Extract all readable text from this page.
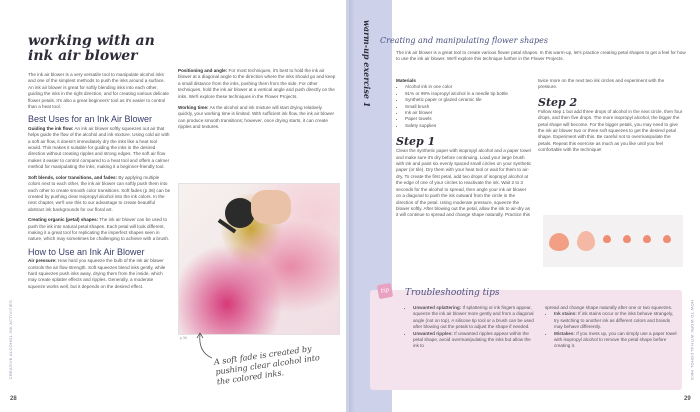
CREATIVE ALCOHOL INK ACTIVITIES
working with an ink air blower
The ink air blower is a very versatile tool to manipulate alcohol inks and one of the simplest methods to push the inks around a surface. An ink air blower is great for softly blending inks into each other, guiding the inks in the right direction, and for creating various delicate flower petals. It's also a great beginners' tool as it's easier to control than a heat tool.
Best Uses for an Ink Air Blower
Guiding the ink flow: An ink air blower softly squeezes out air that helps guide the flow of the alcohol and ink mixture. Using cold air with a soft air flow, it doesn't immediately dry the inks like a heat tool would. This makes it suitable for guiding the inks in the desired direction without creating ripples and strong edges. The soft air flow makes it easier to control compared to a heat tool and offers a calmer method for manipulating the inks, making it a beginner-friendly tool.
Soft blends, color transitions, and fades: By applying multiple colors next to each other, the ink air blower can softly push them into each other to create smooth color transitions. Soft fades (p 36) can be created by pushing clear isopropyl alcohol into the ink colors. In the next chapter, we'll use this to our advantage to create beautiful abstract ink backgrounds for our floral art.
Creating organic (petal) shapes: The ink air blower can be used to push the ink into natural petal shapes. Each petal will look different, making it a great tool for replicating the imperfect shapes seen in nature, which may sometimes be challenging to achieve with a brush.
How to Use an Ink Air Blower
Air pressure: How hard you squeeze the bulb of the ink air blower controls the air flow strength. Soft squeezes blend inks gently, while hard squeezes push inks away, drying them from the inside, which may create splatter effects and ripples. Generally, a moderate squeeze works well, but it depends on the desired effect.
Positioning and angle: For most techniques, it's best to hold the ink air blower at a diagonal angle to the direction where the inks should go and keep a small distance from the inks, pushing them from the side. For other techniques, hold the ink air blower at a vertical angle and push directly on the inks. We'll explore these techniques in the Flower Projects.
Working time: As the alcohol and ink mixture will start drying relatively quickly, your working time is limited. With sufficient ink flow, the ink air blower can produce smooth transitions; however, once drying starts, it can create ripples and textures.
p 36
A soft fade is created by pushing clear alcohol into the colored inks.
28
warm-up exercise 1 Creating and manipulating flower shapes
The ink air blower is a great tool to create various flower petal shapes. In this warm-up, let's practice creating petal shapes to get a feel for how to use the ink air blower. We'll explore this technique further in the Flower Projects.
Materials
• Alcohol ink in one color
• 91% or 99% isopropyl alcohol in a needle tip bottle
• Synthetic paper or glazed ceramic tile
• Small brush
• Ink air blower
• Paper towels
• Safety supplies
Step 1
Clean the synthetic paper with isopropyl alcohol and a paper towel and make sure it's dry before continuing. Load your large brush with ink and paint six evenly spaced small circles on your synthetic paper (or tile). Dry them with your heat tool or wait for them to air-dry. To create the first petal, add two drops of isopropyl alcohol at the edge of one of your circles to reactivate the ink. Wait 2 to 3 seconds for the alcohol to spread, then angle your ink air blower on a diagonal to push the ink outward from the circle in the direction of the petal. Using moderate pressure, squeeze the blower softly. After blowing out the petal, allow the ink to air-dry as it will continue to spread and change shape naturally. Practice this
twice more on the next two ink circles and experiment with the pressure.
Step 2
Follow step 1 but add three drops of alcohol in the next circle, then four drops, and then five drops. The more isopropyl alcohol, the bigger the petal shape will become. For the bigger petals, you may need to give the ink air blower two or three soft squeezes to get the desired petal shape. Experiment with this. Be careful not to overmanipulate the petals. Repeat this exercise as much as you like until you feel comfortable with the technique!
tip	Troubleshooting tips
• Unwanted splattering: If splattering or ink fingers appear, squeeze the ink air blower more gently and from a diagonal angle (not on top). A silicone tip tool or a brush can be used after blowing out the petals to adjust the shape if needed.
• Unwanted ripples: If unwanted ripples appear within the petal shape, avoid overmanipulating the inks but allow the ink to
spread and change shape naturally after one or two squeezes.
• Ink stains: If ink stains occur or the inks behave strangely, try switching to another ink as different colors and brands may behave differently.
• Mistakes: If you mess up, you can simply use a paper towel with isopropyl alcohol to remove the petal shape before creating it.	HOW TO WORK WITH ALCOHOL INKS
29
